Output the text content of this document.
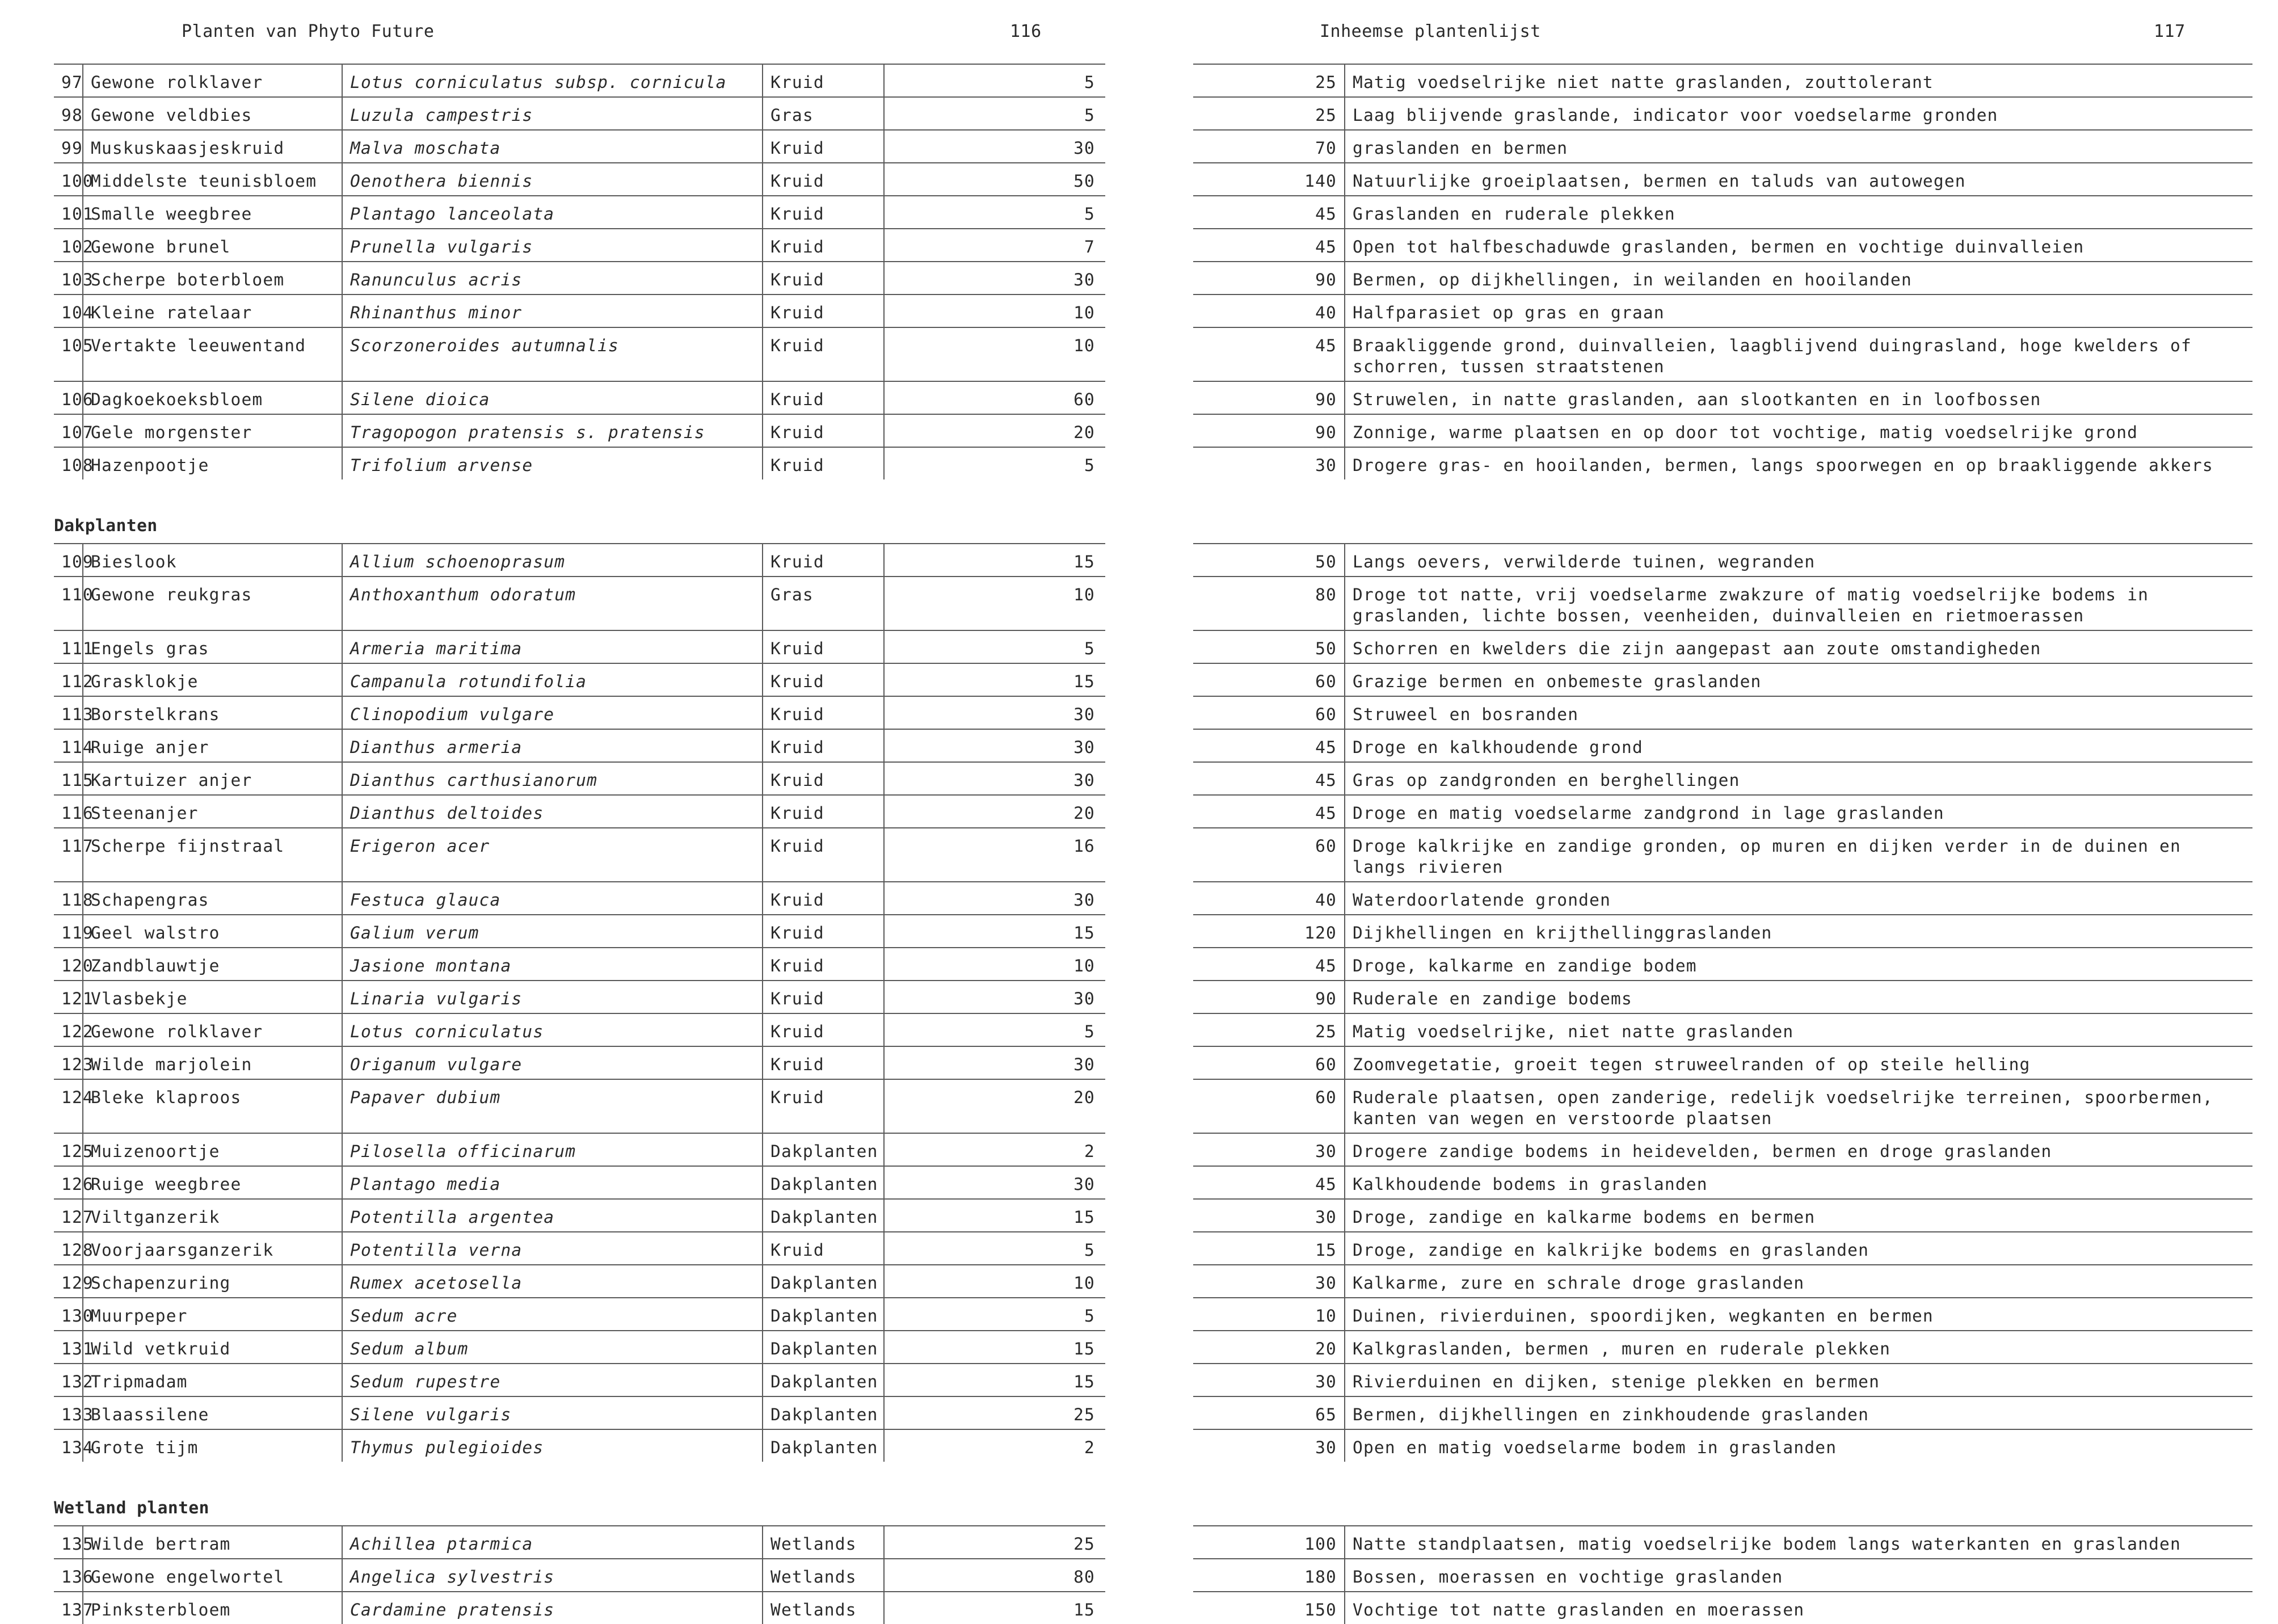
Planten van Phyto Future	116
97	Gewone rolklaver	Lotus corniculatus subsp. cornicula	Kruid	5
98	Gewone veldbies	Luzula campestris	Gras	5
99	Muskuskaasjeskruid	Malva moschata	Kruid	30
100	Middelste teunisbloem	Oenothera biennis	Kruid	50
101	Smalle weegbree	Plantago lanceolata	Kruid	5
102	Gewone brunel	Prunella vulgaris	Kruid	7
103	Scherpe boterbloem	Ranunculus acris	Kruid	30
104	Kleine ratelaar	Rhinanthus minor	Kruid	10
105	Vertakte leeuwentand	Scorzoneroides autumnalis	Kruid	10
106	Dagkoekoeksbloem	Silene dioica	Kruid	60
107	Gele morgenster	Tragopogon pratensis s. pratensis	Kruid	20
108	Hazenpootje	Trifolium arvense	Kruid	5
Dakplanten
109	Bieslook	Allium schoenoprasum	Kruid	15
110	Gewone reukgras	Anthoxanthum odoratum	Gras	10
111	Engels gras	Armeria maritima	Kruid	5
112	Grasklokje	Campanula rotundifolia	Kruid	15
113	Borstelkrans	Clinopodium vulgare	Kruid	30
114	Ruige anjer	Dianthus armeria	Kruid	30
115	Kartuizer anjer	Dianthus carthusianorum	Kruid	30
116	Steenanjer	Dianthus deltoides	Kruid	20
117	Scherpe fijnstraal	Erigeron acer	Kruid	16
118	Schapengras	Festuca glauca	Kruid	30
119	Geel walstro	Galium verum	Kruid	15
120	Zandblauwtje	Jasione montana	Kruid	10
121	Vlasbekje	Linaria vulgaris	Kruid	30
122	Gewone rolklaver	Lotus corniculatus	Kruid	5
123	Wilde marjolein	Origanum vulgare	Kruid	30
124	Bleke klaproos	Papaver dubium	Kruid	20
125	Muizenoortje	Pilosella officinarum	Dakplanten	2
126	Ruige weegbree	Plantago media	Dakplanten	30
127	Viltganzerik	Potentilla argentea	Dakplanten	15
128	Voorjaarsganzerik	Potentilla verna	Kruid	5
129	Schapenzuring	Rumex acetosella	Dakplanten	10
130	Muurpeper	Sedum acre	Dakplanten	5
131	Wild vetkruid	Sedum album	Dakplanten	15
132	Tripmadam	Sedum rupestre	Dakplanten	15
133	Blaassilene	Silene vulgaris	Dakplanten	25
134	Grote tijm	Thymus pulegioides	Dakplanten	2
Wetland planten
135	Wilde bertram	Achillea ptarmica	Wetlands	25
136	Gewone engelwortel	Angelica sylvestris	Wetlands	80
137	Pinksterbloem	Cardamine pratensis	Wetlands	15
Inheemse plantenlijst	117
25	Matig voedselrijke niet natte graslanden, zouttolerant
25	Laag blijvende graslande, indicator voor voedselarme gronden
70	graslanden en bermen
140	Natuurlijke groeiplaatsen, bermen en taluds van autowegen
45	Graslanden en ruderale plekken
45	Open tot halfbeschaduwde graslanden, bermen en vochtige duinvalleien
90	Bermen, op dijkhellingen, in weilanden en hooilanden
40	Halfparasiet op gras en graan
45	Braakliggende grond, duinvalleien, laagblijvend duingrasland, hoge kwelders of schorren, tussen straatstenen
90	Struwelen, in natte graslanden, aan slootkanten en in loofbossen
90	Zonnige, warme plaatsen en op door tot vochtige, matig voedselrijke grond
30	Drogere gras- en hooilanden, bermen, langs spoorwegen en op braakliggende akkers
50	Langs oevers, verwilderde tuinen, wegranden
80	Droge tot natte, vrij voedselarme zwakzure of matig voedselrijke bodems in graslanden, lichte bossen, veenheiden, duinvalleien en rietmoerassen
50	Schorren en kwelders die zijn aangepast aan zoute omstandigheden
60	Grazige bermen en onbemeste graslanden
60	Struweel en bosranden
45	Droge en kalkhoudende grond
45	Gras op zandgronden en berghellingen
45	Droge en matig voedselarme zandgrond in lage graslanden
60	Droge kalkrijke en zandige gronden, op muren en dijken verder in de duinen en langs rivieren
40	Waterdoorlatende gronden
120	Dijkhellingen en krijthellinggraslanden
45	Droge, kalkarme en zandige bodem
90	Ruderale en zandige bodems
25	Matig voedselrijke, niet natte graslanden
60	Zoomvegetatie, groeit tegen struweelranden of op steile helling
60	Ruderale plaatsen, open zanderige, redelijk voedselrijke terreinen, spoorbermen, kanten van wegen en verstoorde plaatsen
30	Drogere zandige bodems in heidevelden, bermen en droge graslanden
45	Kalkhoudende bodems in graslanden
30	Droge, zandige en kalkarme bodems en bermen
15	Droge, zandige en kalkrijke bodems en graslanden
30	Kalkarme, zure en schrale droge graslanden
10	Duinen, rivierduinen, spoordijken, wegkanten en bermen
20	Kalkgraslanden, bermen , muren en ruderale plekken
30	Rivierduinen en dijken, stenige plekken en bermen
65	Bermen, dijkhellingen en zinkhoudende graslanden
30	Open en matig voedselarme bodem in graslanden
100	Natte standplaatsen, matig voedselrijke bodem langs waterkanten en graslanden
180	Bossen, moerassen en vochtige graslanden
150	Vochtige tot natte graslanden en moerassen
